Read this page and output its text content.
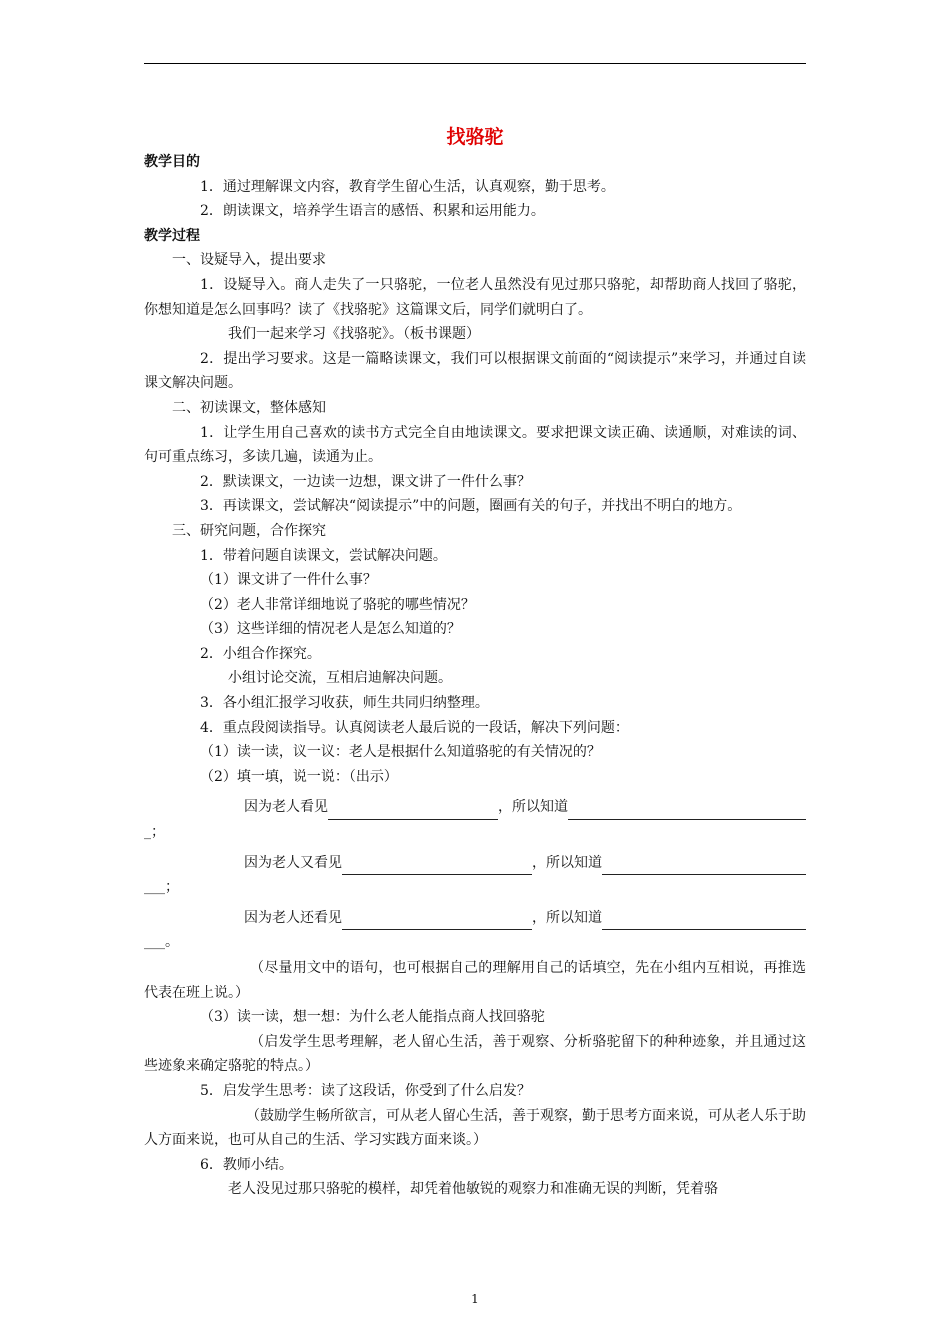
找骆驼

教学目的

1．通过理解课文内容，教育学生留心生活，认真观察，勤于思考。

2．朗读课文，培养学生语言的感悟、积累和运用能力。

教学过程

一、设疑导入，提出要求

1．设疑导入。商人走失了一只骆驼，一位老人虽然没有见过那只骆驼，却帮助商人找回了骆驼，你想知道是怎么回事吗？读了《找骆驼》这篇课文后，同学们就明白了。

我们一起来学习《找骆驼》。（板书课题）

2．提出学习要求。这是一篇略读课文，我们可以根据课文前面的“阅读提示”来学习，并通过自读课文解决问题。

二、初读课文，整体感知

1．让学生用自己喜欢的读书方式完全自由地读课文。要求把课文读正确、读通顺，对难读的词、句可重点练习，多读几遍，读通为止。

2．默读课文，一边读一边想，课文讲了一件什么事？

3．再读课文，尝试解决“阅读提示”中的问题，圈画有关的句子，并找出不明白的地方。

三、研究问题，合作探究

1．带着问题自读课文，尝试解决问题。

（1）课文讲了一件什么事？

（2）老人非常详细地说了骆驼的哪些情况？

（3）这些详细的情况老人是怎么知道的？

2．小组合作探究。

小组讨论交流，互相启迪解决问题。

3．各小组汇报学习收获，师生共同归纳整理。

4．重点段阅读指导。认真阅读老人最后说的一段话，解决下列问题：

（1）读一读，议一议：老人是根据什么知道骆驼的有关情况的？

（2）填一填，说一说：（出示）

因为老人看见	，所以知道

_；

因为老人又看见	，所以知道

___；

因为老人还看见	，所以知道

___。

（尽量用文中的语句，也可根据自己的理解用自己的话填空，先在小组内互相说，再推选代表在班上说。）

（3）读一读，想一想：为什么老人能指点商人找回骆驼

（启发学生思考理解，老人留心生活，善于观察、分析骆驼留下的种种迹象，并且通过这些迹象来确定骆驼的特点。）

5．启发学生思考：读了这段话，你受到了什么启发？

（鼓励学生畅所欲言，可从老人留心生活，善于观察，勤于思考方面来说，可从老人乐于助人方面来说，也可从自己的生活、学习实践方面来谈。）

6．教师小结。

老人没见过那只骆驼的模样，却凭着他敏锐的观察力和准确无误的判断，凭着骆

1
